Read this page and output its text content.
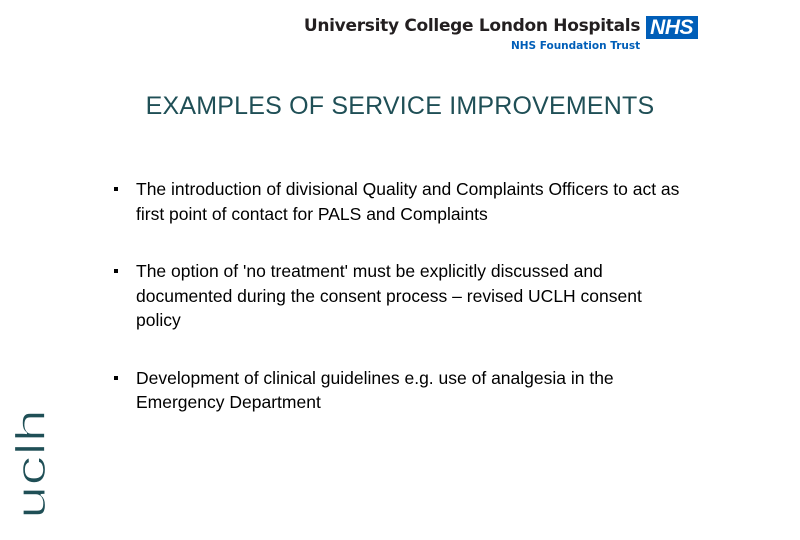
University College London Hospitals
NHS Foundation Trust
NHS
EXAMPLES OF SERVICE IMPROVEMENTS
The introduction of divisional Quality and Complaints Officers to act as first point of contact for PALS and Complaints
The option of 'no treatment' must be explicitly discussed and documented during the consent process – revised UCLH consent policy
Development of clinical guidelines e.g. use of analgesia in the Emergency Department
uclh
